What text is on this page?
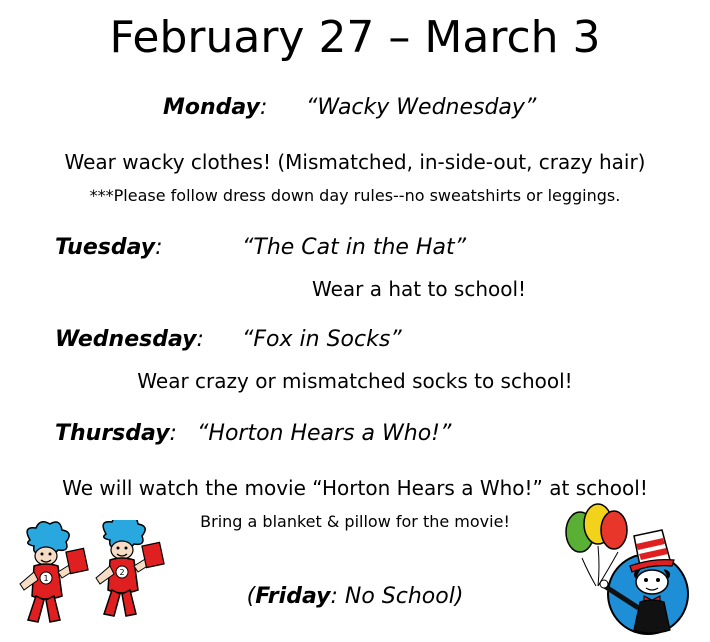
February 27 – March 3
Monday: “Wacky Wednesday”
Wear wacky clothes! (Mismatched, in-side-out, crazy hair)
***Please follow dress down day rules--no sweatshirts or leggings.
Tuesday:	“The Cat in the Hat”
Wear a hat to school!
Wednesday: “Fox in Socks”
Wear crazy or mismatched socks to school!
Thursday: “Horton Hears a Who!”
We will watch the movie “Horton Hears a Who!” at school!
Bring a blanket & pillow for the movie!
(Friday: No School)
1
2
